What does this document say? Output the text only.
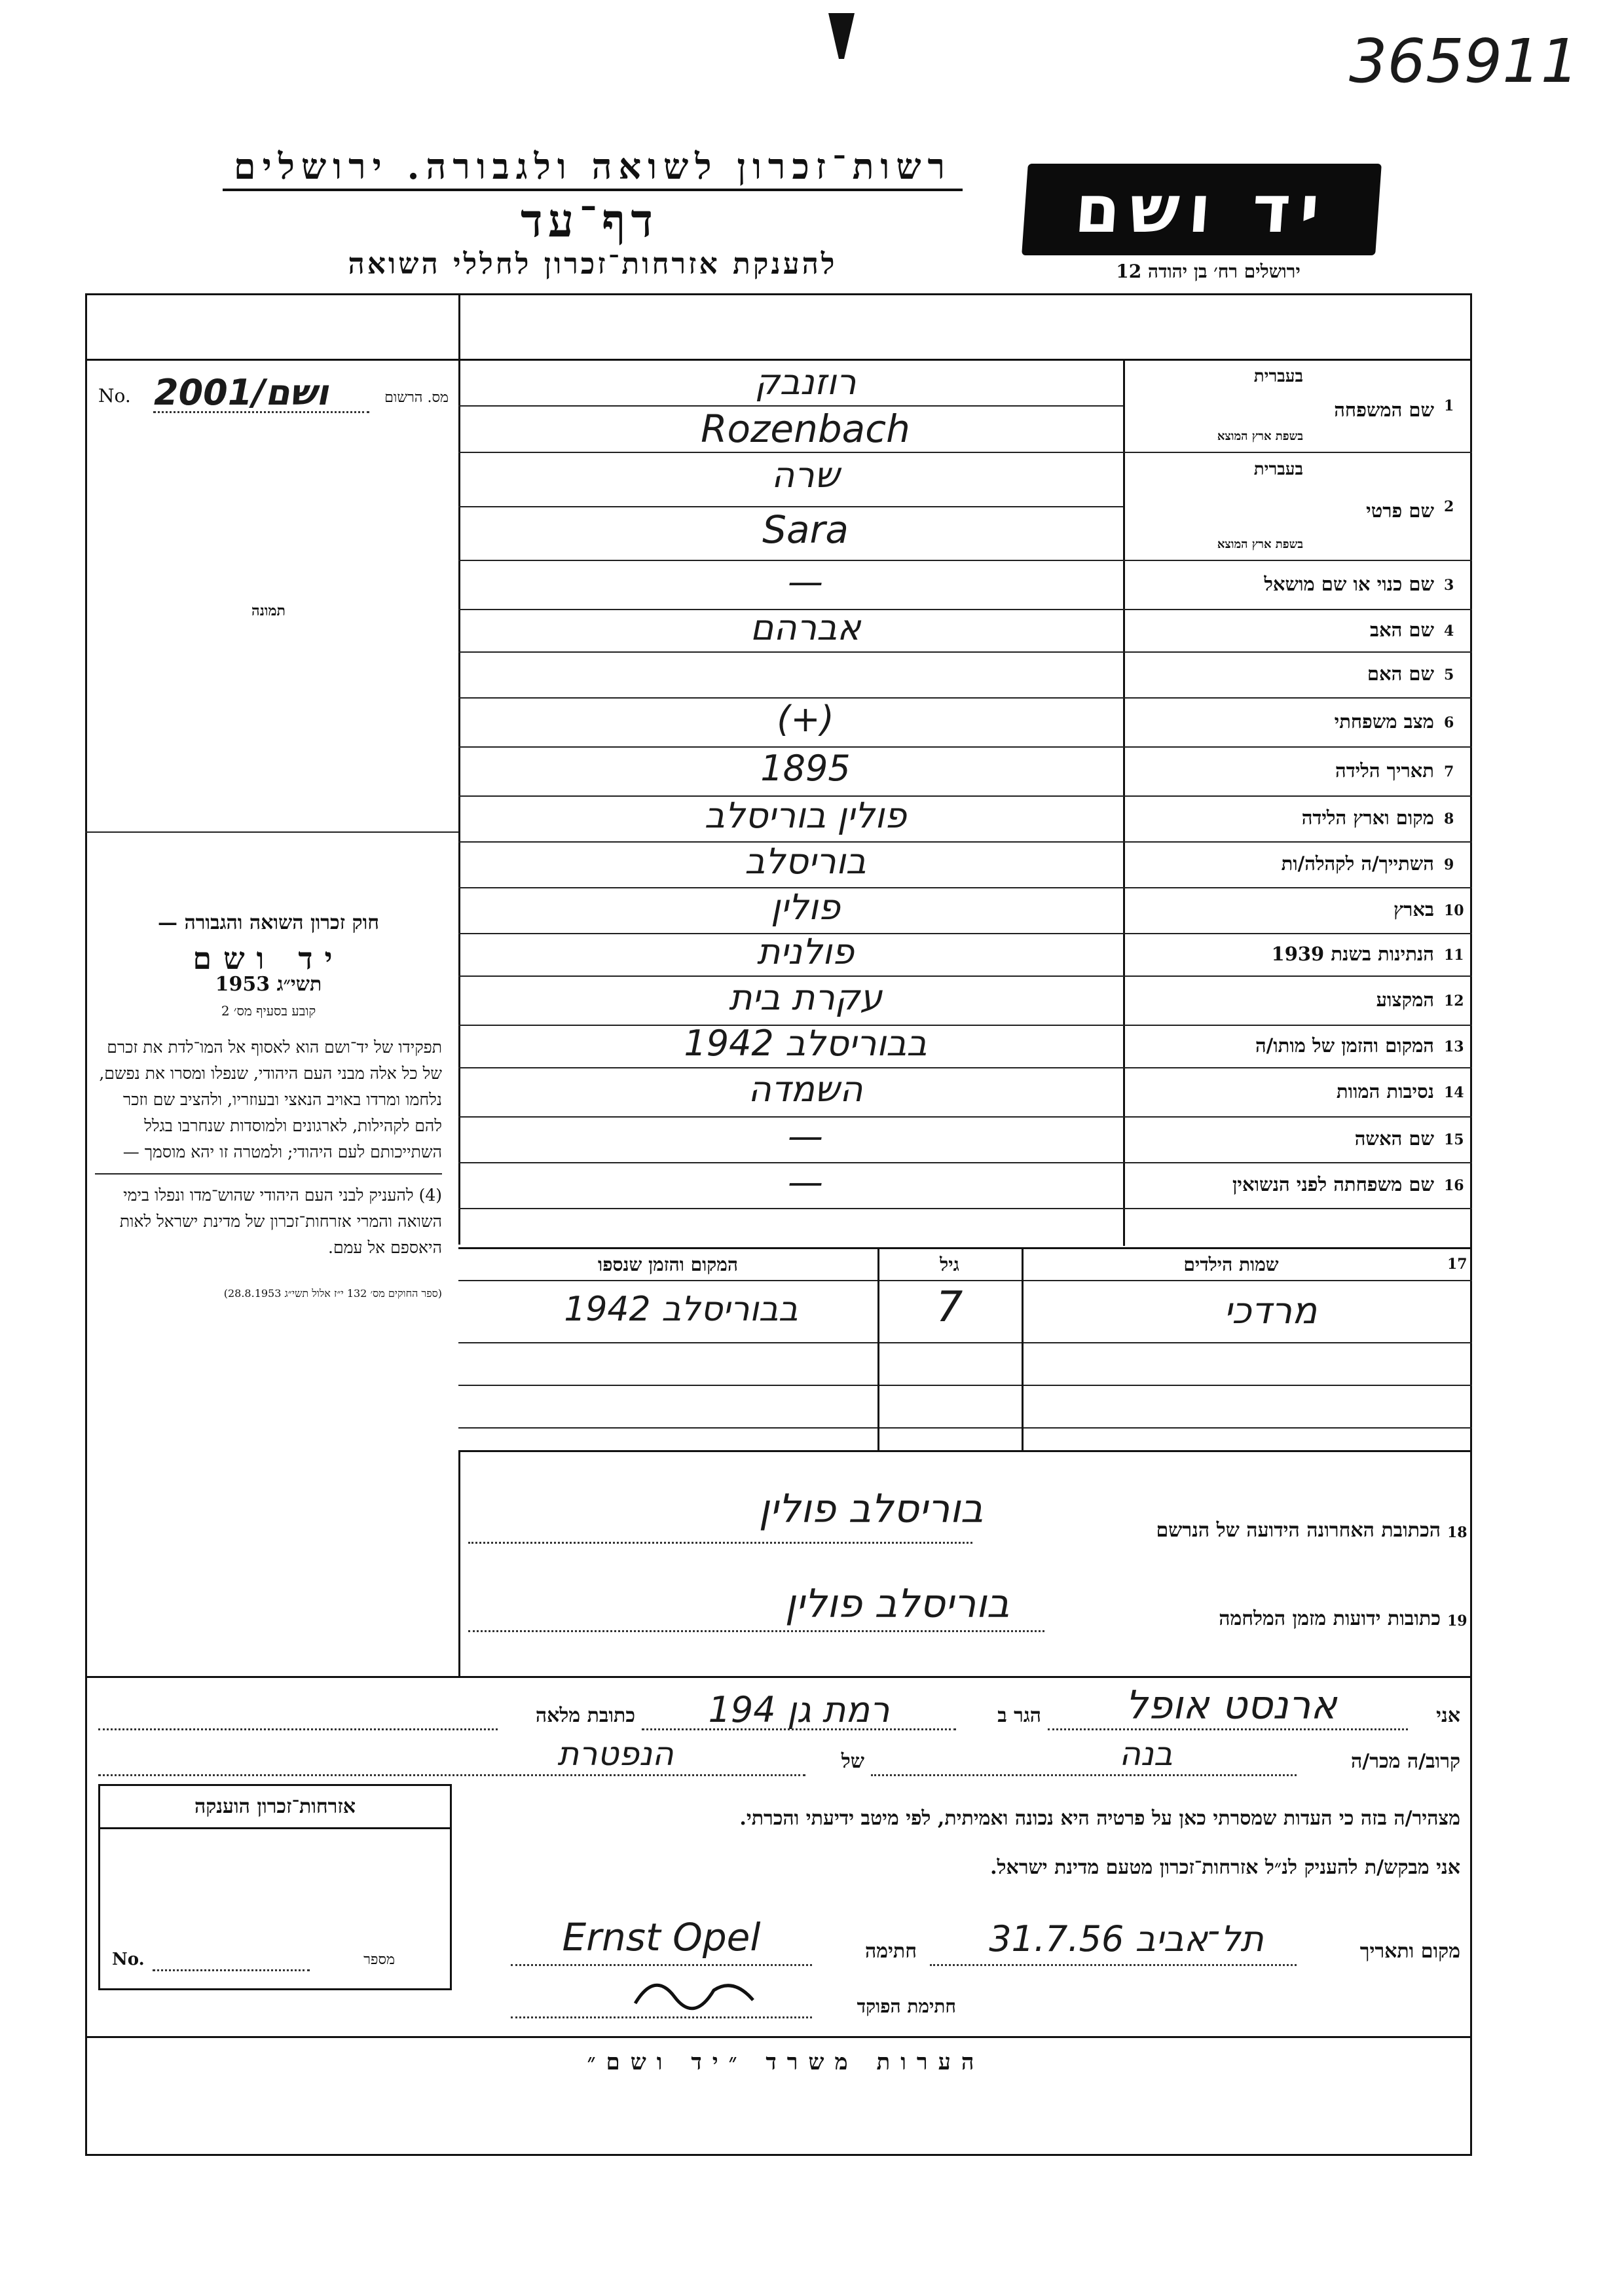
365911
רשות־זכרון לשואה ולגבורה. ירושלים
דף־עד
להענקת אזרחות־זכרון לחללי השואה
יד ושם
ירושלים רח׳ בן יהודה 12
No. 2001/ושם	מס. הרשום
תמונה
חוק זכרון השואה והגבורה —
יד ושם
תשי״ג 1953
קובע בסעיף מס׳ 2

תפקידו של יד־ושם הוא לאסוף אל המו־לדת את זכרם של כל אלה מבני העם היהודי, שנפלו ומסרו את נפשם, נלחמו ומרדו באויב הנאצי ובעוזריו, ולהציב שם וזכר להם לקהילות, לארגונים ולמוסדות שנחרבו בגלל השתייכותם לעם היהודי; ולמטרה זו יהא מוסמך —

(4) להעניק לבני העם היהודי שהוש־מדו ונפלו בימי השואה והמרי אזרחות־זכרון של מדינת ישראל לאות היאספם אל עמם.

(ספר החוקים מס׳ 132 י״ז אלול תשי״ג 28.8.1953)
1
שם המשפחה
רוזנבק
Rozenbach
בעברית
בשפת ארץ המוצא
2
שם פרטי
שרה
Sara
בעברית
בשפת ארץ המוצא
3
שם כנוי או שם מושאל
—
4
שם האב
אברהם
5
שם האם
6
מצב משפחתי
(+)
7
תאריך הלידה
1895
8
מקום וארץ הלידה
פולין בוריסלב
9
השתייך/ה לקהלה/ות
בוריסלב
10
בארץ
פולין
11
הנתינות בשנת 1939
פולנית
12
המקצוע
עקרת בית
13
המקום והזמן של מותו/ה
בבוריסלב 1942
14
נסיבות המוות
השמדה
15
שם האשה
—
16
שם משפחתה לפני הנשואין
—
17
שמות הילדים
גיל
המקום והזמן שנספו
מרדכי
7
בבוריסלב 1942
18
הכתובת האחרונה הידועה של הנרשם
בוריסלב פולין
19
כתובות ידועות מזמן המלחמה
בוריסלב פולין
אני
ארנסט אופל
הגר ב
רמת גן 194
כתובת מלאה
קרוב/ה מכר/ה
בנה
של
הנפטרת
מצהיר/ה בזה כי העדות שמסרתי כאן על פרטיה היא נכונה ואמיתית, לפי מיטב ידיעתי והכרתי.
אני מבקש/ת להעניק לנ״ל אזרחות־זכרון מטעם מדינת ישראל.
מקום ותאריך
תל־אביב 31.7.56
חתימה
Ernst Opel
חתימת הפוקד
אזרחות־זכרון הוענקה
No.	מספר
הערות משרד ״יד ושם״
